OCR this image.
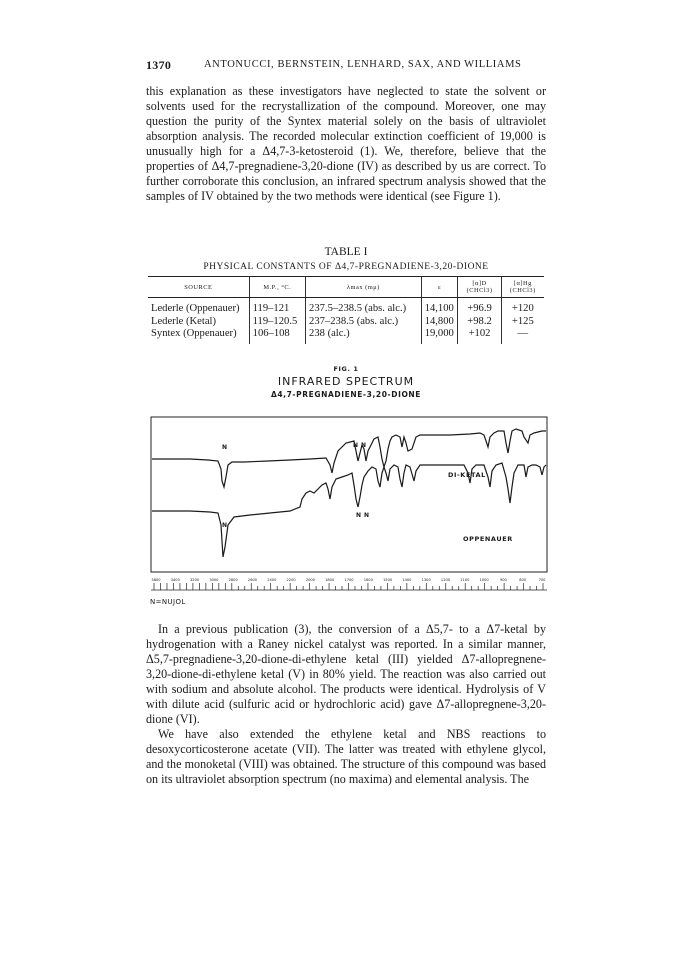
1370	ANTONUCCI, BERNSTEIN, LENHARD, SAX, AND WILLIAMS

this explanation as these investigators have neglected to state the solvent or solvents used for the recrystallization of the compound. Moreover, one may question the purity of the Syntex material solely on the basis of ultraviolet absorption analysis. The recorded molecular extinction coefficient of 19,000 is unusually high for a Δ4,7-3-ketosteroid (1). We, therefore, believe that the properties of Δ4,7-pregnadiene-3,20-dione (IV) as described by us are correct. To further corroborate this conclusion, an infrared spectrum analysis showed that the samples of IV obtained by the two methods were identical (see Figure 1).

TABLE I
PHYSICAL CONSTANTS OF Δ4,7-PREGNADIENE-3,20-DIONE
SOURCE	M.P., °C.	λmax (mμ)	ε	[α]D (CHCl3)	[α]Hg (CHCl3)
Lederle (Oppenauer)	119–121	237.5–238.5 (abs. alc.)	14,100	+96.9	+120
Lederle (Ketal)	119–120.5	237–238.5 (abs. alc.)	14,800	+98.2	+125
Syntex (Oppenauer)	106–108	238 (alc.)	19,000	+102	—
FIG. 1
INFRARED SPECTRUM
Δ4,7-PREGNADIENE-3,20-DIONE
N	N N
N
N N
DI-KETAL
OPPENAUER
3800	3400	3200	3000	2800	2600	2400	2200	2000	1800	1700	1600	1500	1400	1300	1200	1100	1000	900	800	700
N=NUJOL

In a previous publication (3), the conversion of a Δ5,7- to a Δ7-ketal by hydrogenation with a Raney nickel catalyst was reported. In a similar manner, Δ5,7-pregnadiene-3,20-dione-di-ethylene ketal (III) yielded Δ7-allopregnene-3,20-dione-di-ethylene ketal (V) in 80% yield. The reaction was also carried out with sodium and absolute alcohol. The products were identical. Hydrolysis of V with dilute acid (sulfuric acid or hydrochloric acid) gave Δ7-allopregnene-3,20-dione (VI).

We have also extended the ethylene ketal and NBS reactions to desoxycorticosterone acetate (VII). The latter was treated with ethylene glycol, and the monoketal (VIII) was obtained. The structure of this compound was based on its ultraviolet absorption spectrum (no maxima) and elemental analysis. The
